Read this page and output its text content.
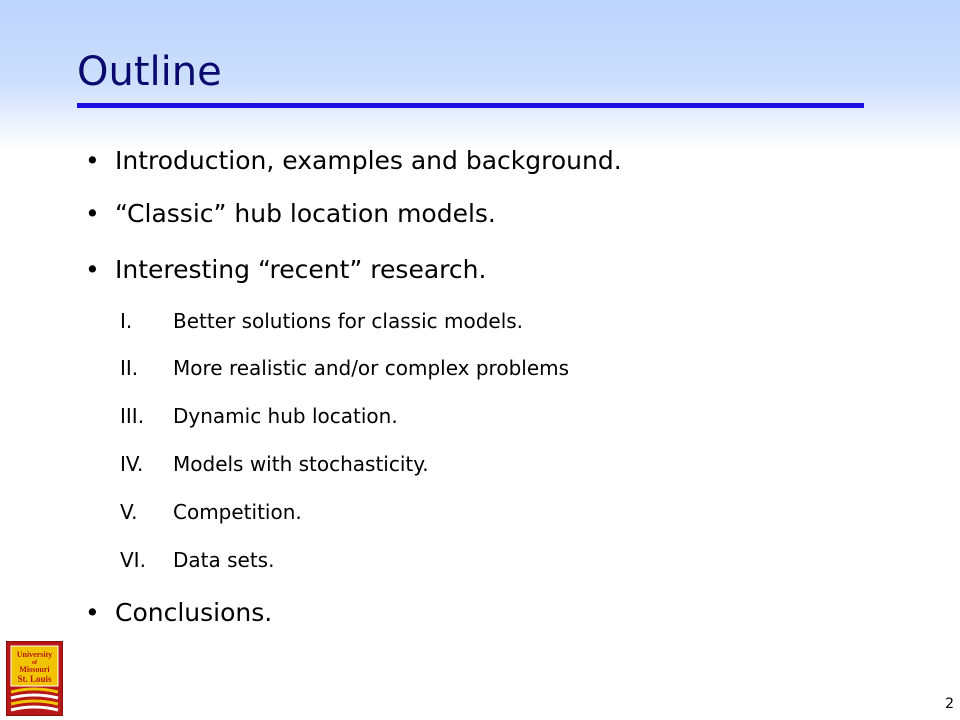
Outline
• Introduction, examples and background.
• “Classic” hub location models.
• Interesting “recent” research.
I. Better solutions for classic models.
II. More realistic and/or complex problems
III. Dynamic hub location.
IV. Models with stochasticity.
V. Competition.
VI. Data sets.
• Conclusions.
University
of
Missouri
St. Louis
2
